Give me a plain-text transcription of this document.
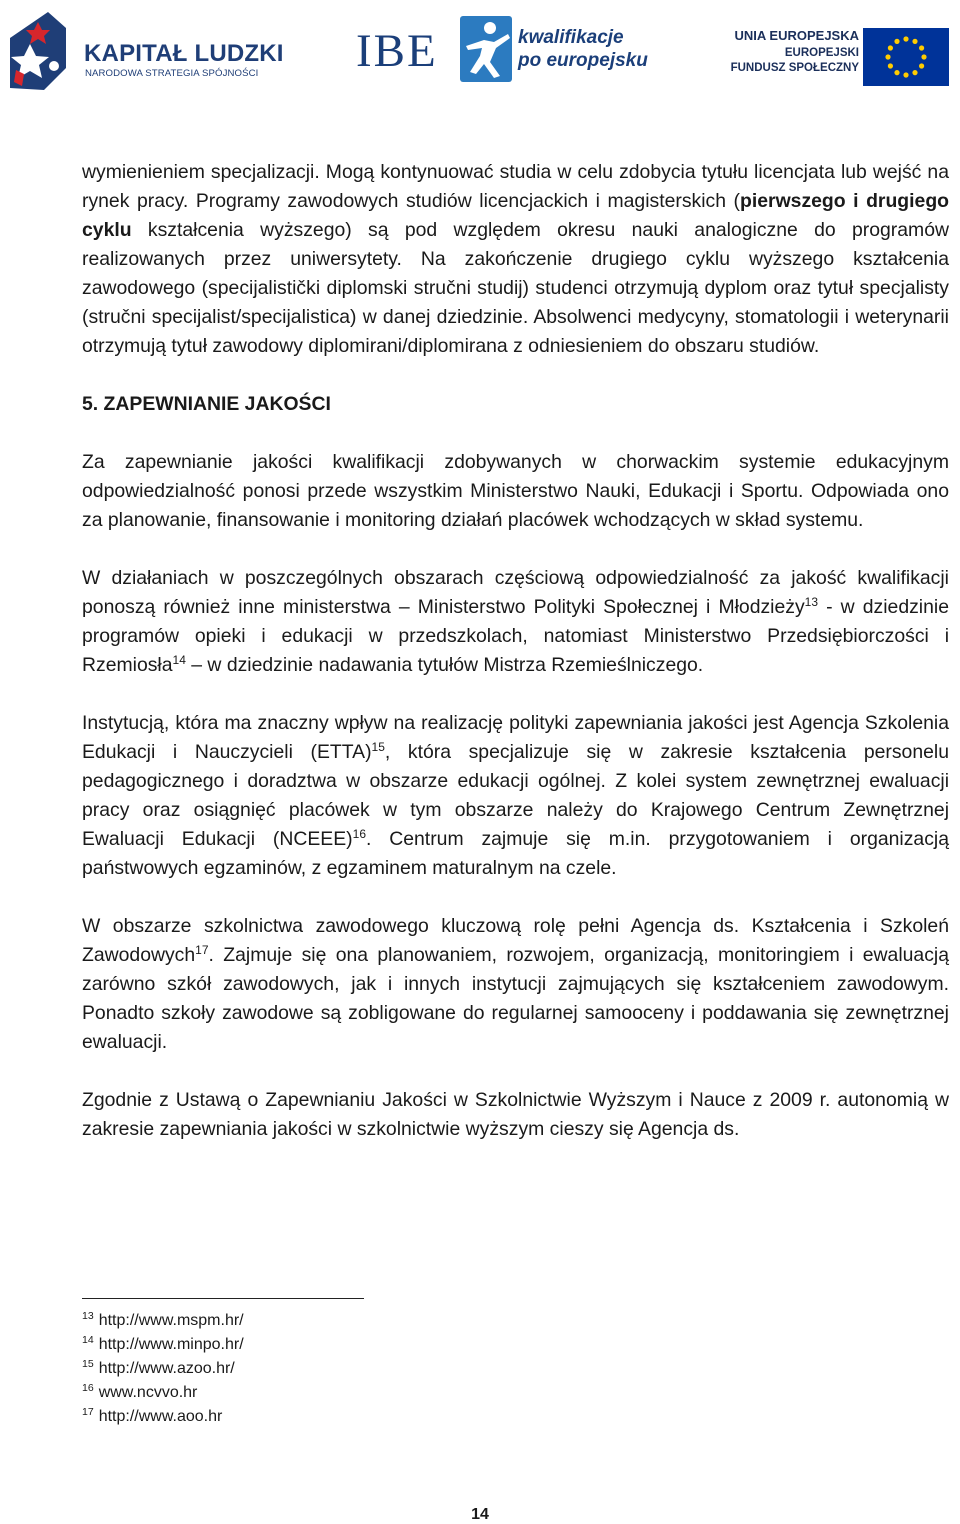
KAPITAŁ LUDZKI
NARODOWA STRATEGIA SPÓJNOŚCI IBE	kwalifikacje
po europejsku
UNIA EUROPEJSKA
EUROPEJSKI
FUNDUSZ SPOŁECZNY

wymienieniem specjalizacji. Mogą kontynuować studia w celu zdobycia tytułu licencjata lub wejść na rynek pracy. Programy zawodowych studiów licencjackich i magisterskich (pierwszego i drugiego cyklu kształcenia wyższego) są pod względem okresu nauki analogiczne do programów realizowanych przez uniwersytety. Na zakończenie drugiego cyklu wyższego kształcenia zawodowego (specijalistički diplomski stručni studij) studenci otrzymują dyplom oraz tytuł specjalisty (stručni specijalist/specijalistica) w danej dziedzinie. Absolwenci medycyny, stomatologii i weterynarii otrzymują tytuł zawodowy diplomirani/diplomirana z odniesieniem do obszaru studiów.

5. ZAPEWNIANIE JAKOŚCI

Za zapewnianie jakości kwalifikacji zdobywanych w chorwackim systemie edukacyjnym odpowiedzialność ponosi przede wszystkim Ministerstwo Nauki, Edukacji i Sportu. Odpowiada ono za planowanie, finansowanie i monitoring działań placówek wchodzących w skład systemu.

W działaniach w poszczególnych obszarach częściową odpowiedzialność za jakość kwalifikacji ponoszą również inne ministerstwa – Ministerstwo Polityki Społecznej i Młodzieży$^{13}$ - w dziedzinie programów opieki i edukacji w przedszkolach, natomiast Ministerstwo Przedsiębiorczości i Rzemiosła$^{14}$ – w dziedzinie nadawania tytułów Mistrza Rzemieślniczego.

Instytucją, która ma znaczny wpływ na realizację polityki zapewniania jakości jest Agencja Szkolenia Edukacji i Nauczycieli (ETTA)$^{15}$, która specjalizuje się w zakresie kształcenia personelu pedagogicznego i doradztwa w obszarze edukacji ogólnej. Z kolei system zewnętrznej ewaluacji pracy oraz osiągnięć placówek w tym obszarze należy do Krajowego Centrum Zewnętrznej Ewaluacji Edukacji (NCEEE)$^{16}$. Centrum zajmuje się m.in. przygotowaniem i organizacją państwowych egzaminów, z egzaminem maturalnym na czele.

W obszarze szkolnictwa zawodowego kluczową rolę pełni Agencja ds. Kształcenia i Szkoleń Zawodowych$^{17}$. Zajmuje się ona planowaniem, rozwojem, organizacją, monitoringiem i ewaluacją zarówno szkół zawodowych, jak i innych instytucji zajmujących się kształceniem zawodowym. Ponadto szkoły zawodowe są zobligowane do regularnej samooceny i poddawania się zewnętrznej ewaluacji.

Zgodnie z Ustawą o Zapewnianiu Jakości w Szkolnictwie Wyższym i Nauce z 2009 r. autonomią w zakresie zapewniania jakości w szkolnictwie wyższym cieszy się Agencja ds.

$^{13}$ http://www.mspm.hr/
$^{14}$ http://www.minpo.hr/
$^{15}$ http://www.azoo.hr/
$^{16}$ www.ncvvo.hr
$^{17}$ http://www.aoo.hr
14
